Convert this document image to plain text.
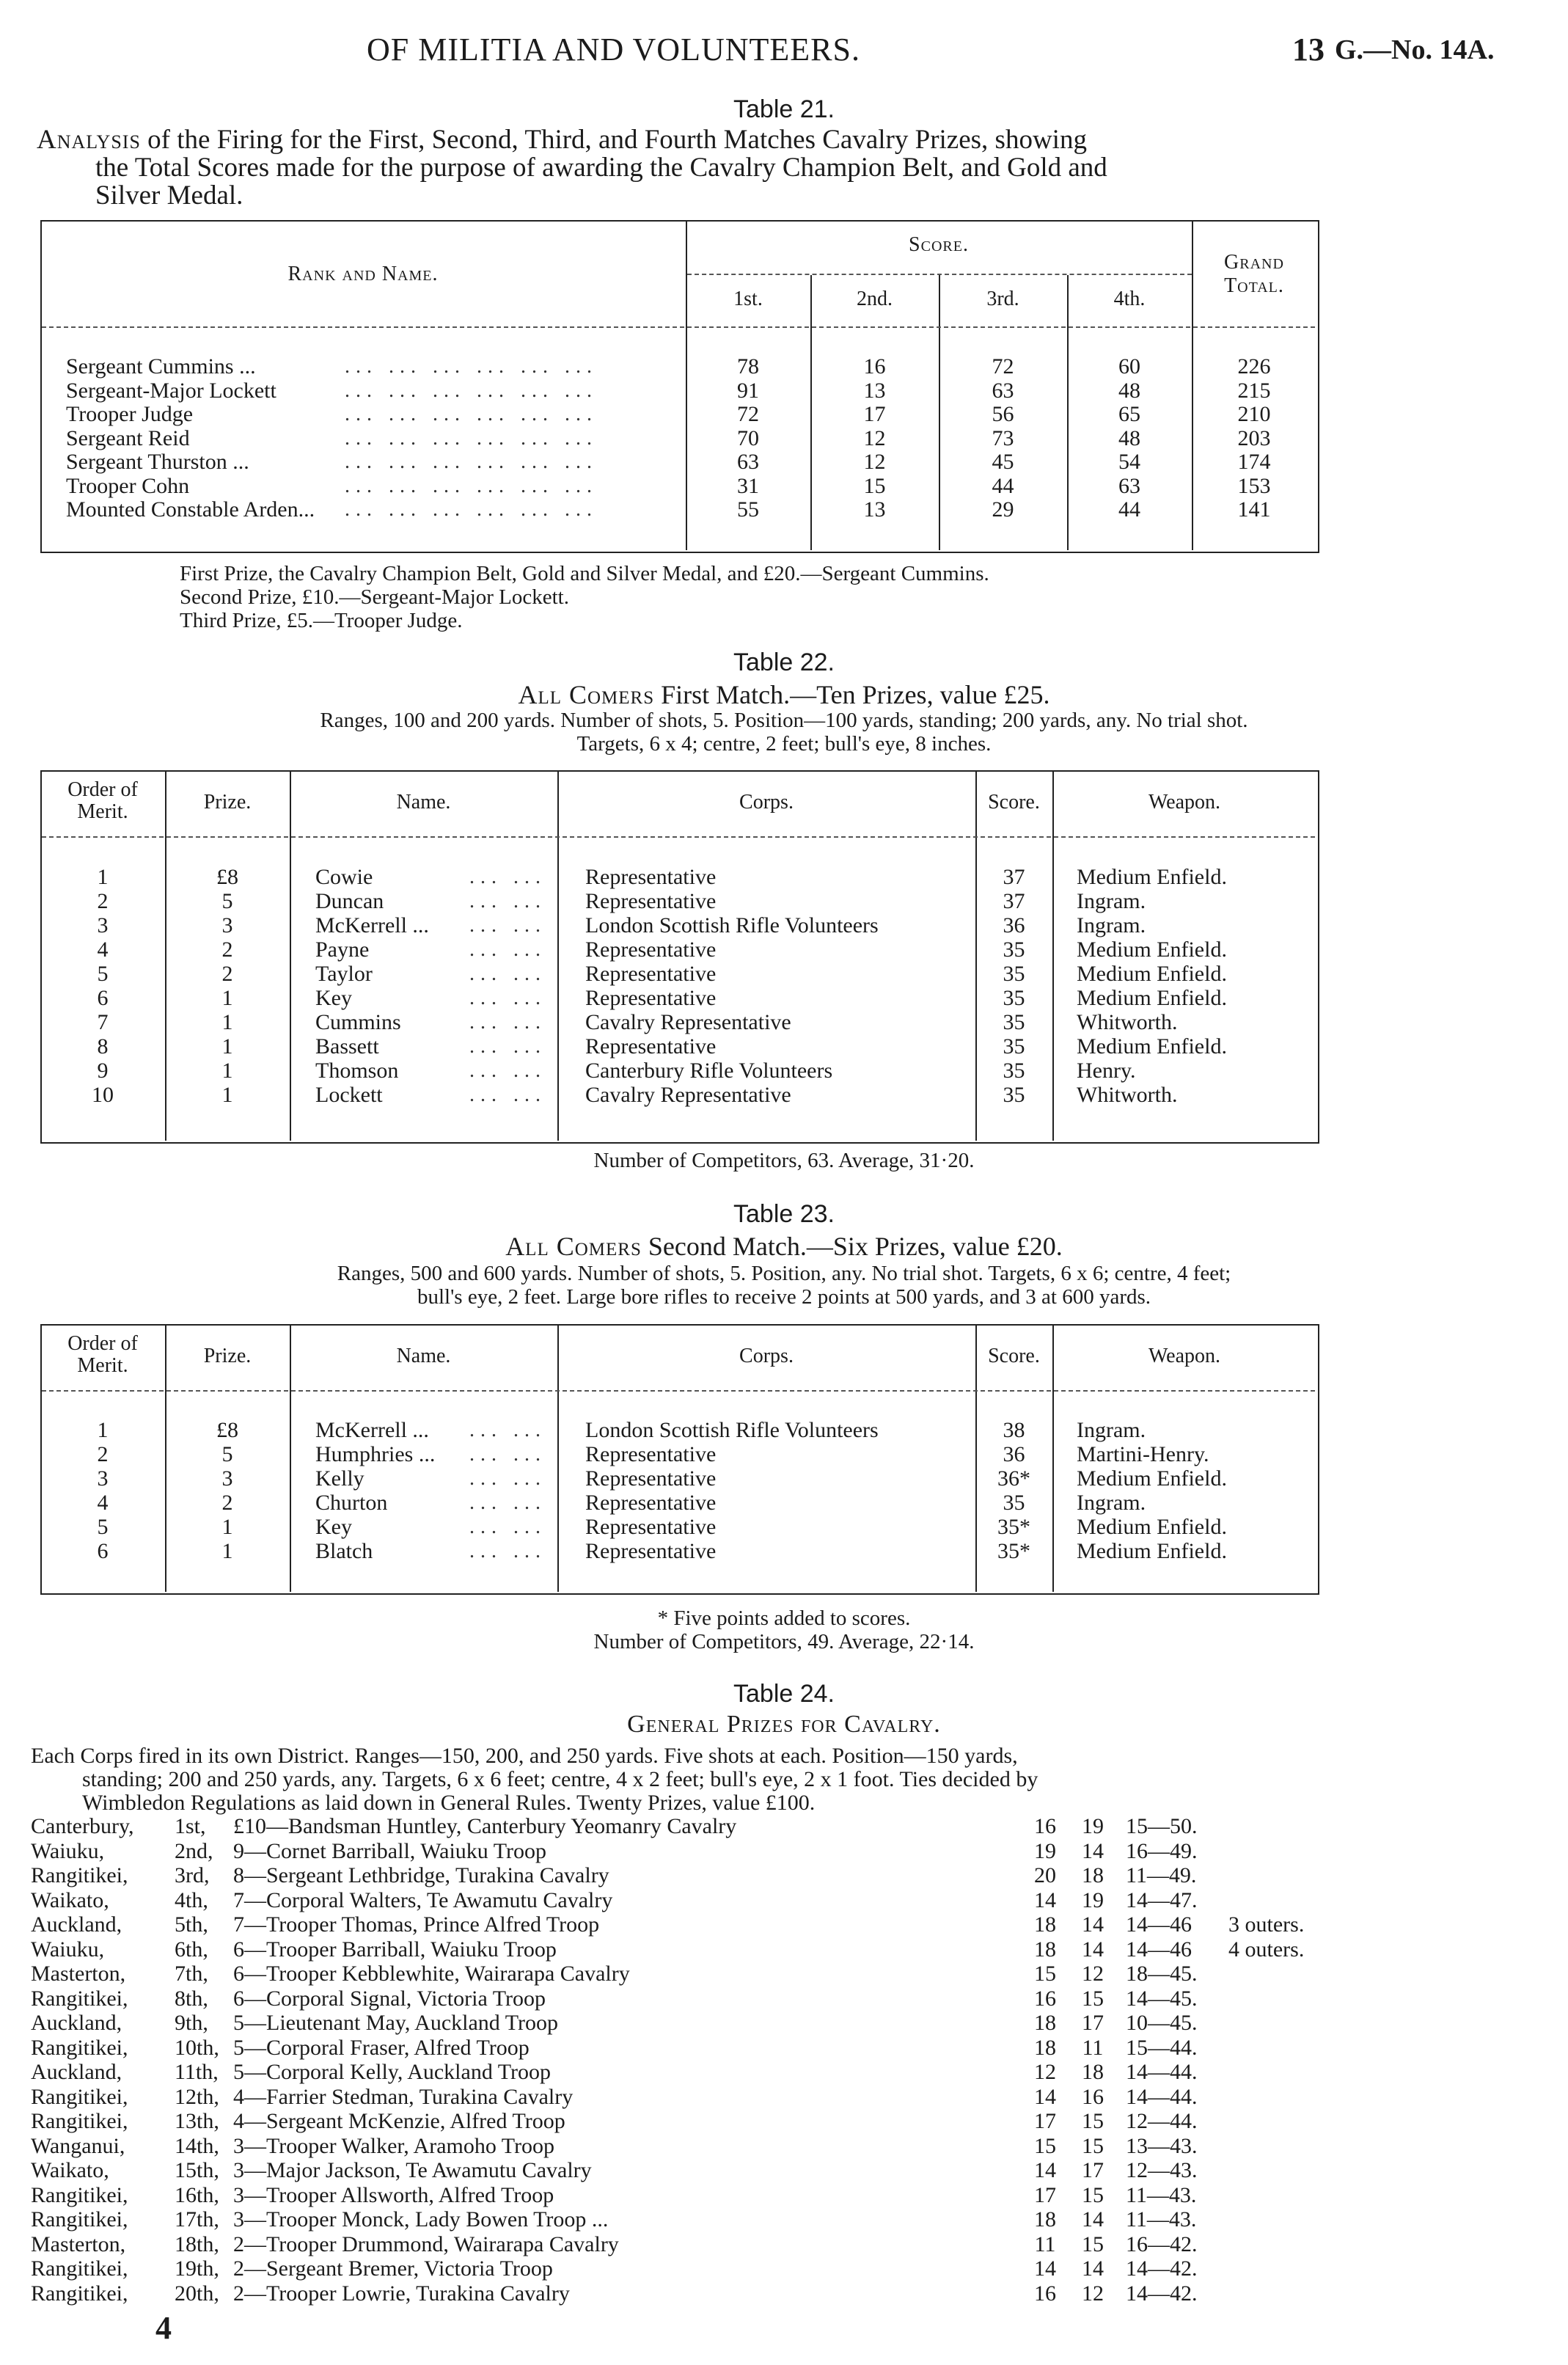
OF MILITIA AND VOLUNTEERS.	13 G.—No. 14A.
Table 21.
Analysis of the Firing for the First, Second, Third, and Fourth Matches Cavalry Prizes, showing
the Total Scores made for the purpose of awarding the Cavalry Champion Belt, and Gold and
Silver Medal.
Rank and Name.
Score.
1st.	2nd.	3rd.	4th.
Grand Total.
Sergeant Cummins ...	... ... ... ... ... ...	78	16	72	60	226
Sergeant-Major Lockett	... ... ... ... ... ...	91	13	63	48	215
Trooper Judge	... ... ... ... ... ...	72	17	56	65	210
Sergeant Reid	... ... ... ... ... ...	70	12	73	48	203
Sergeant Thurston ...	... ... ... ... ... ...	63	12	45	54	174
Trooper Cohn	... ... ... ... ... ...	31	15	44	63	153
Mounted Constable Arden... ... ... ... ... ... ...	55	13	29	44	141
First Prize, the Cavalry Champion Belt, Gold and Silver Medal, and £20.—Sergeant Cummins.
Second Prize, £10.—Sergeant-Major Lockett.
Third Prize, £5.—Trooper Judge.
Table 22.
All Comers First Match.—Ten Prizes, value £25.
Ranges, 100 and 200 yards. Number of shots, 5. Position—100 yards, standing; 200 yards, any. No trial shot.
Targets, 6 x 4; centre, 2 feet; bull's eye, 8 inches.
Order of Merit.	Prize.	Name.	Corps.	Score.	Weapon.
1	£8	Cowie	... ... Representative	37	Medium Enfield.
2	5	Duncan	... ... Representative	37	Ingram.
3	3	McKerrell ... ... ... London Scottish Rifle Volunteers	36	Ingram.
4	2	Payne	... ... Representative	35	Medium Enfield.
5	2	Taylor	... ... Representative	35	Medium Enfield.
6	1	Key	... ... Representative	35	Medium Enfield.
7	1	Cummins	... ... Cavalry Representative	35	Whitworth.
8	1	Bassett	... ... Representative	35	Medium Enfield.
9	1	Thomson	... ... Canterbury Rifle Volunteers	35	Henry.
10	1	Lockett	... ... Cavalry Representative	35	Whitworth.
Number of Competitors, 63. Average, 31·20.
Table 23.
All Comers Second Match.—Six Prizes, value £20.
Ranges, 500 and 600 yards. Number of shots, 5. Position, any. No trial shot. Targets, 6 x 6; centre, 4 feet;
bull's eye, 2 feet. Large bore rifles to receive 2 points at 500 yards, and 3 at 600 yards.
Order of Merit.	Prize.	Name.	Corps.	Score.	Weapon.
1	£8	McKerrell ... ... ... London Scottish Rifle Volunteers	38	Ingram.
2	5	Humphries ... ... ... Representative	36	Martini-Henry.
3	3	Kelly	... ... Representative	36*	Medium Enfield.
4	2	Churton	... ... Representative	35	Ingram.
5	1	Key	... ... Representative	35*	Medium Enfield.
6	1	Blatch	... ... Representative	35*	Medium Enfield.
* Five points added to scores.
Number of Competitors, 49. Average, 22·14.
Table 24.
General Prizes for Cavalry.
Each Corps fired in its own District. Ranges—150, 200, and 250 yards. Five shots at each. Position—150 yards,
standing; 200 and 250 yards, any. Targets, 6 x 6 feet; centre, 4 x 2 feet; bull's eye, 2 x 1 foot. Ties decided by
Wimbledon Regulations as laid down in General Rules. Twenty Prizes, value £100.
Canterbury, 1st, £10—Bandsman Huntley, Canterbury Yeomanry Cavalry	16	19	15—50.
Waiuku,	2nd, 9—Cornet Barriball, Waiuku Troop	19	14	16—49.
Rangitikei, 3rd, 8—Sergeant Lethbridge, Turakina Cavalry	20	18	11—49.
Waikato,	4th, 7—Corporal Walters, Te Awamutu Cavalry	14	19	14—47.
Auckland, 5th, 7—Trooper Thomas, Prince Alfred Troop	18	14	14—46 3 outers.
Waiuku,	6th, 6—Trooper Barriball, Waiuku Troop	18	14	14—46 4 outers.
Masterton, 7th, 6—Trooper Kebblewhite, Wairarapa Cavalry	15	12	18—45.
Rangitikei, 8th, 6—Corporal Signal, Victoria Troop	16	15	14—45.
Auckland, 9th, 5—Lieutenant May, Auckland Troop	18	17	10—45.
Rangitikei, 10th, 5—Corporal Fraser, Alfred Troop	18	11	15—44.
Auckland, 11th, 5—Corporal Kelly, Auckland Troop	12	18	14—44.
Rangitikei, 12th, 4—Farrier Stedman, Turakina Cavalry	14	16	14—44.
Rangitikei, 13th, 4—Sergeant McKenzie, Alfred Troop	17	15	12—44.
Wanganui, 14th, 3—Trooper Walker, Aramoho Troop	15	15	13—43.
Waikato,	15th, 3—Major Jackson, Te Awamutu Cavalry	14	17	12—43.
Rangitikei, 16th, 3—Trooper Allsworth, Alfred Troop	17	15	11—43.
Rangitikei, 17th, 3—Trooper Monck, Lady Bowen Troop ...	18	14	11—43.
Masterton, 18th, 2—Trooper Drummond, Wairarapa Cavalry	11	15	16—42.
Rangitikei, 19th, 2—Sergeant Bremer, Victoria Troop	14	14	14—42.
Rangitikei, 20th, 2—Trooper Lowrie, Turakina Cavalry	16	12	14—42.
4
